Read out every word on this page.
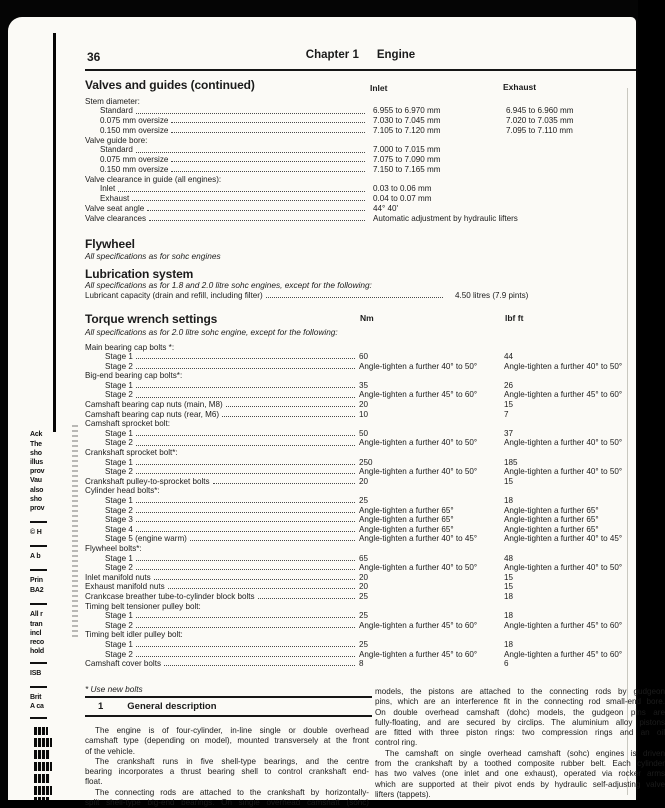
Ack
The
sho
illus
prov
Vau
also
sho
prov
© H
A b
Prin
BA2
All r
tran
incl
reco
hold
ISB
Brit
A ca
36	Chapter 1 Engine
Valves and guides (continued)	Inlet	Exhaust
Stem diameter:
Standard	6.955 to 6.970 mm	6.945 to 6.960 mm
0.075 mm oversize	7.030 to 7.045 mm	7.020 to 7.035 mm
0.150 mm oversize	7.105 to 7.120 mm	7.095 to 7.110 mm
Valve guide bore:
Standard	7.000 to 7.015 mm
0.075 mm oversize	7.075 to 7.090 mm
0.150 mm oversize	7.150 to 7.165 mm
Valve clearance in guide (all engines):
Inlet	0.03 to 0.06 mm
Exhaust	0.04 to 0.07 mm
Valve seat angle	44° 40'
Valve clearances	Automatic adjustment by hydraulic lifters
Flywheel
All specifications as for sohc engines
Lubrication system
All specifications as for 1.8 and 2.0 litre sohc engines, except for the following:
Lubricant capacity (drain and refill, including filter)	4.50 litres (7.9 pints)
Torque wrench settings	Nm	lbf ft
All specifications as for 2.0 litre sohc engine, except for the following:
Main bearing cap bolts *:
Stage 1	60	44
Stage 2	Angle-tighten a further 40° to 50°	Angle-tighten a further 40° to 50°
Big-end bearing cap bolts*:
Stage 1	35	26
Stage 2	Angle-tighten a further 45° to 60°	Angle-tighten a further 45° to 60°
Camshaft bearing cap nuts (main, M8)	20	15
Camshaft bearing cap nuts (rear, M6)	10	7
Camshaft sprocket bolt:
Stage 1	50	37
Stage 2	Angle-tighten a further 40° to 50°	Angle-tighten a further 40° to 50°
Crankshaft sprocket bolt*:
Stage 1	250	185
Stage 2	Angle-tighten a further 40° to 50°	Angle-tighten a further 40° to 50°
Crankshaft pulley-to-sprocket bolts	20	15
Cylinder head bolts*:
Stage 1	25	18
Stage 2	Angle-tighten a further 65°	Angle-tighten a further 65°
Stage 3	Angle-tighten a further 65°	Angle-tighten a further 65°
Stage 4	Angle-tighten a further 65°	Angle-tighten a further 65°
Stage 5 (engine warm)	Angle-tighten a further 40° to 45°	Angle-tighten a further 40° to 45°
Flywheel bolts*:
Stage 1	65	48
Stage 2	Angle-tighten a further 40° to 50°	Angle-tighten a further 40° to 50°
Inlet manifold nuts	20	15
Exhaust manifold nuts	20	15
Crankcase breather tube-to-cylinder block bolts	25	18
Timing belt tensioner pulley bolt:
Stage 1	25	18
Stage 2	Angle-tighten a further 45° to 60°	Angle-tighten a further 45° to 60°
Timing belt idler pulley bolt:
Stage 1	25	18
Stage 2	Angle-tighten a further 45° to 60°	Angle-tighten a further 45° to 60°
Camshaft cover bolts	8	6
* Use new bolts
1	General description
models, the pistons are attached to the connecting rods by gudgeon
pins, which are an interference fit in the connecting rod small-end bore.
On double overhead camshaft (dohc) models, the gudgeon pins are
fully-floating, and are secured by circlips. The aluminium alloy pistons
are fitted with three piston rings: two compression rings and an oil
control ring.
The camshaft on single overhead camshaft (sohc) engines is driven
from the crankshaft by a toothed composite rubber belt. Each cylinder
has two valves (one inlet and one exhaust), operated via rocker arms
which are supported at their pivot ends by hydraulic self-adjusting valve
lifters (tappets).
The engine is of four-cylinder, in-line single or double overhead
camshaft type (depending on model), mounted transversely at the front
of the vehicle.
The crankshaft runs in five shell-type bearings, and the centre
bearing incorporates a thrust bearing shell to control crankshaft end-
float.
The connecting rods are attached to the crankshaft by horizontally-
split shell-type big-end bearings. On single overhead camshaft (sohc)
